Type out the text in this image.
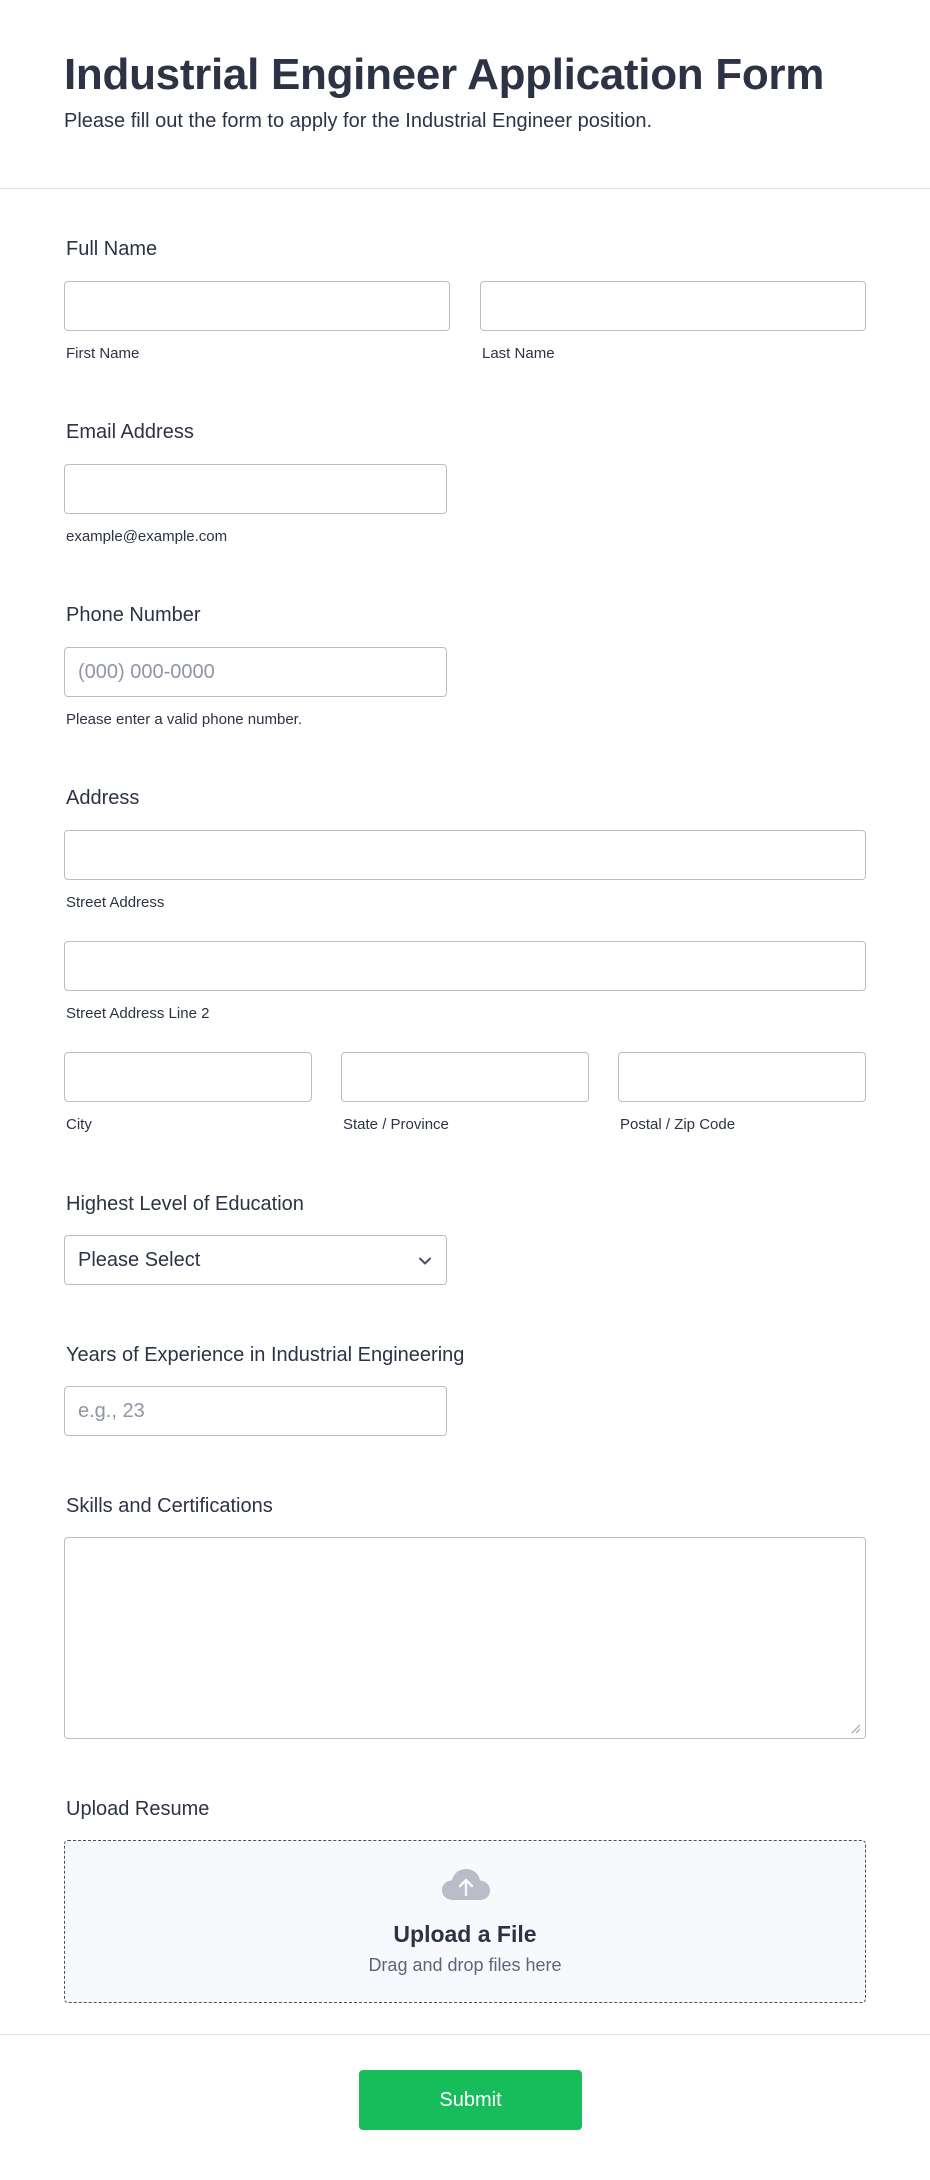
Industrial Engineer Application Form

Please fill out the form to apply for the Industrial Engineer position.

Full Name
First Name	Last Name
Email Address
example@example.com
Phone Number
(000) 000-0000
Please enter a valid phone number.
Address
Street Address
Street Address Line 2
City	State / Province	Postal / Zip Code
Highest Level of Education
Please Select
Years of Experience in Industrial Engineering
e.g., 23
Skills and Certifications
Upload Resume
Upload a File
Drag and drop files here
Submit
